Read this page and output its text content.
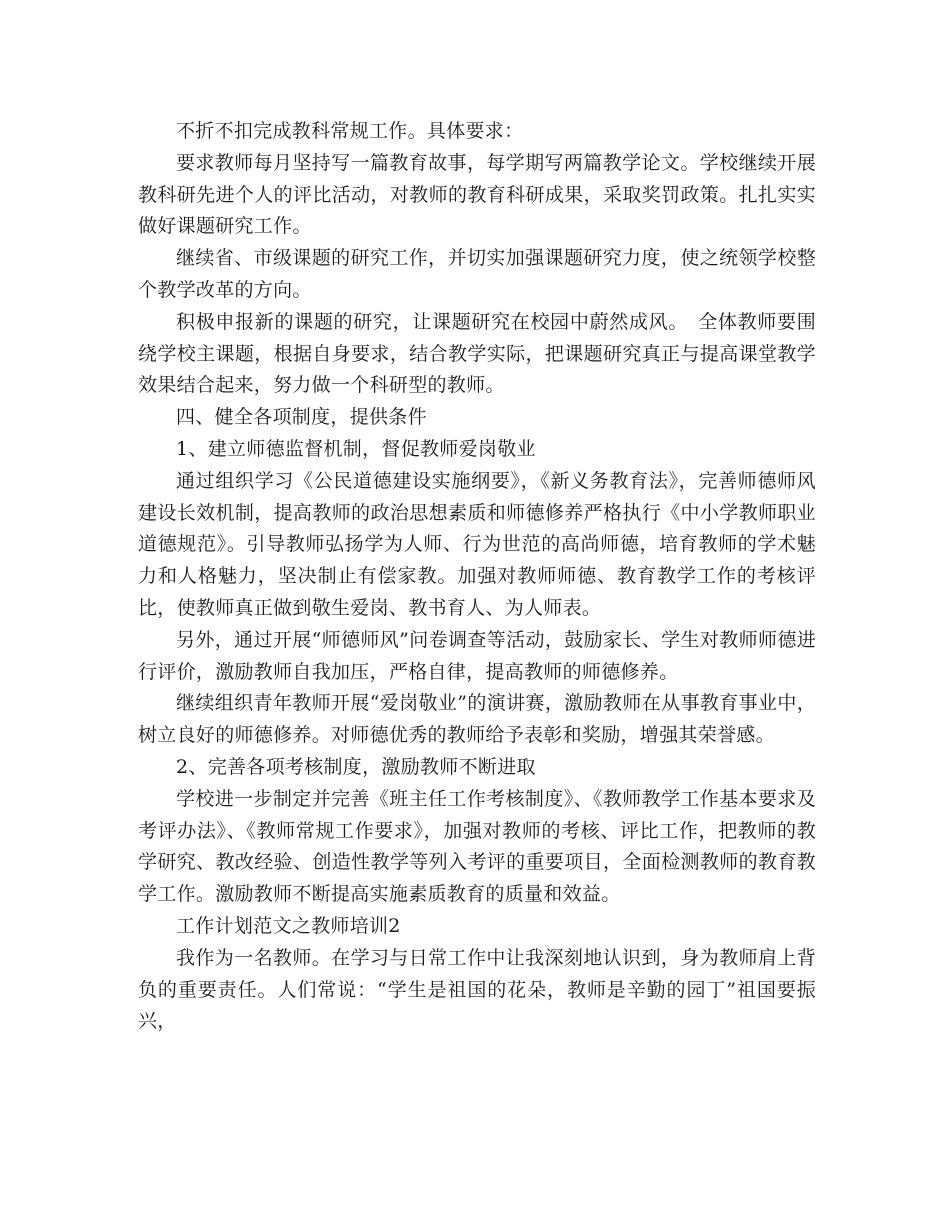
不折不扣完成教科常规工作。具体要求：

要求教师每月坚持写一篇教育故事，每学期写两篇教学论文。学校继续开展教科研先进个人的评比活动，对教师的教育科研成果，采取奖罚政策。扎扎实实做好课题研究工作。

继续省、市级课题的研究工作，并切实加强课题研究力度，使之统领学校整个教学改革的方向。

积极申报新的课题的研究，让课题研究在校园中蔚然成风。　全体教师要围绕学校主课题，根据自身要求，结合教学实际，把课题研究真正与提高课堂教学效果结合起来，努力做一个科研型的教师。

四、健全各项制度，提供条件

1、建立师德监督机制，督促教师爱岗敬业

通过组织学习《公民道德建设实施纲要》，《新义务教育法》，完善师德师风建设长效机制，提高教师的政治思想素质和师德修养严格执行《中小学教师职业道德规范》。引导教师弘扬学为人师、行为世范的高尚师德，培育教师的学术魅力和人格魅力，坚决制止有偿家教。加强对教师师德、教育教学工作的考核评比，使教师真正做到敬生爱岗、教书育人、为人师表。

另外，通过开展“师德师风”问卷调查等活动，鼓励家长、学生对教师师德进行评价，激励教师自我加压，严格自律，提高教师的师德修养。

继续组织青年教师开展“爱岗敬业”的演讲赛，激励教师在从事教育事业中，树立良好的师德修养。对师德优秀的教师给予表彰和奖励，增强其荣誉感。

2、完善各项考核制度，激励教师不断进取

学校进一步制定并完善《班主任工作考核制度》、《教师教学工作基本要求及考评办法》、《教师常规工作要求》，加强对教师的考核、评比工作，把教师的教学研究、教改经验、创造性教学等列入考评的重要项目，全面检测教师的教育教学工作。激励教师不断提高实施素质教育的质量和效益。

工作计划范文之教师培训2

我作为一名教师。在学习与日常工作中让我深刻地认识到，身为教师肩上背负的重要责任。人们常说：“学生是祖国的花朵，教师是辛勤的园丁”祖国要振兴，
